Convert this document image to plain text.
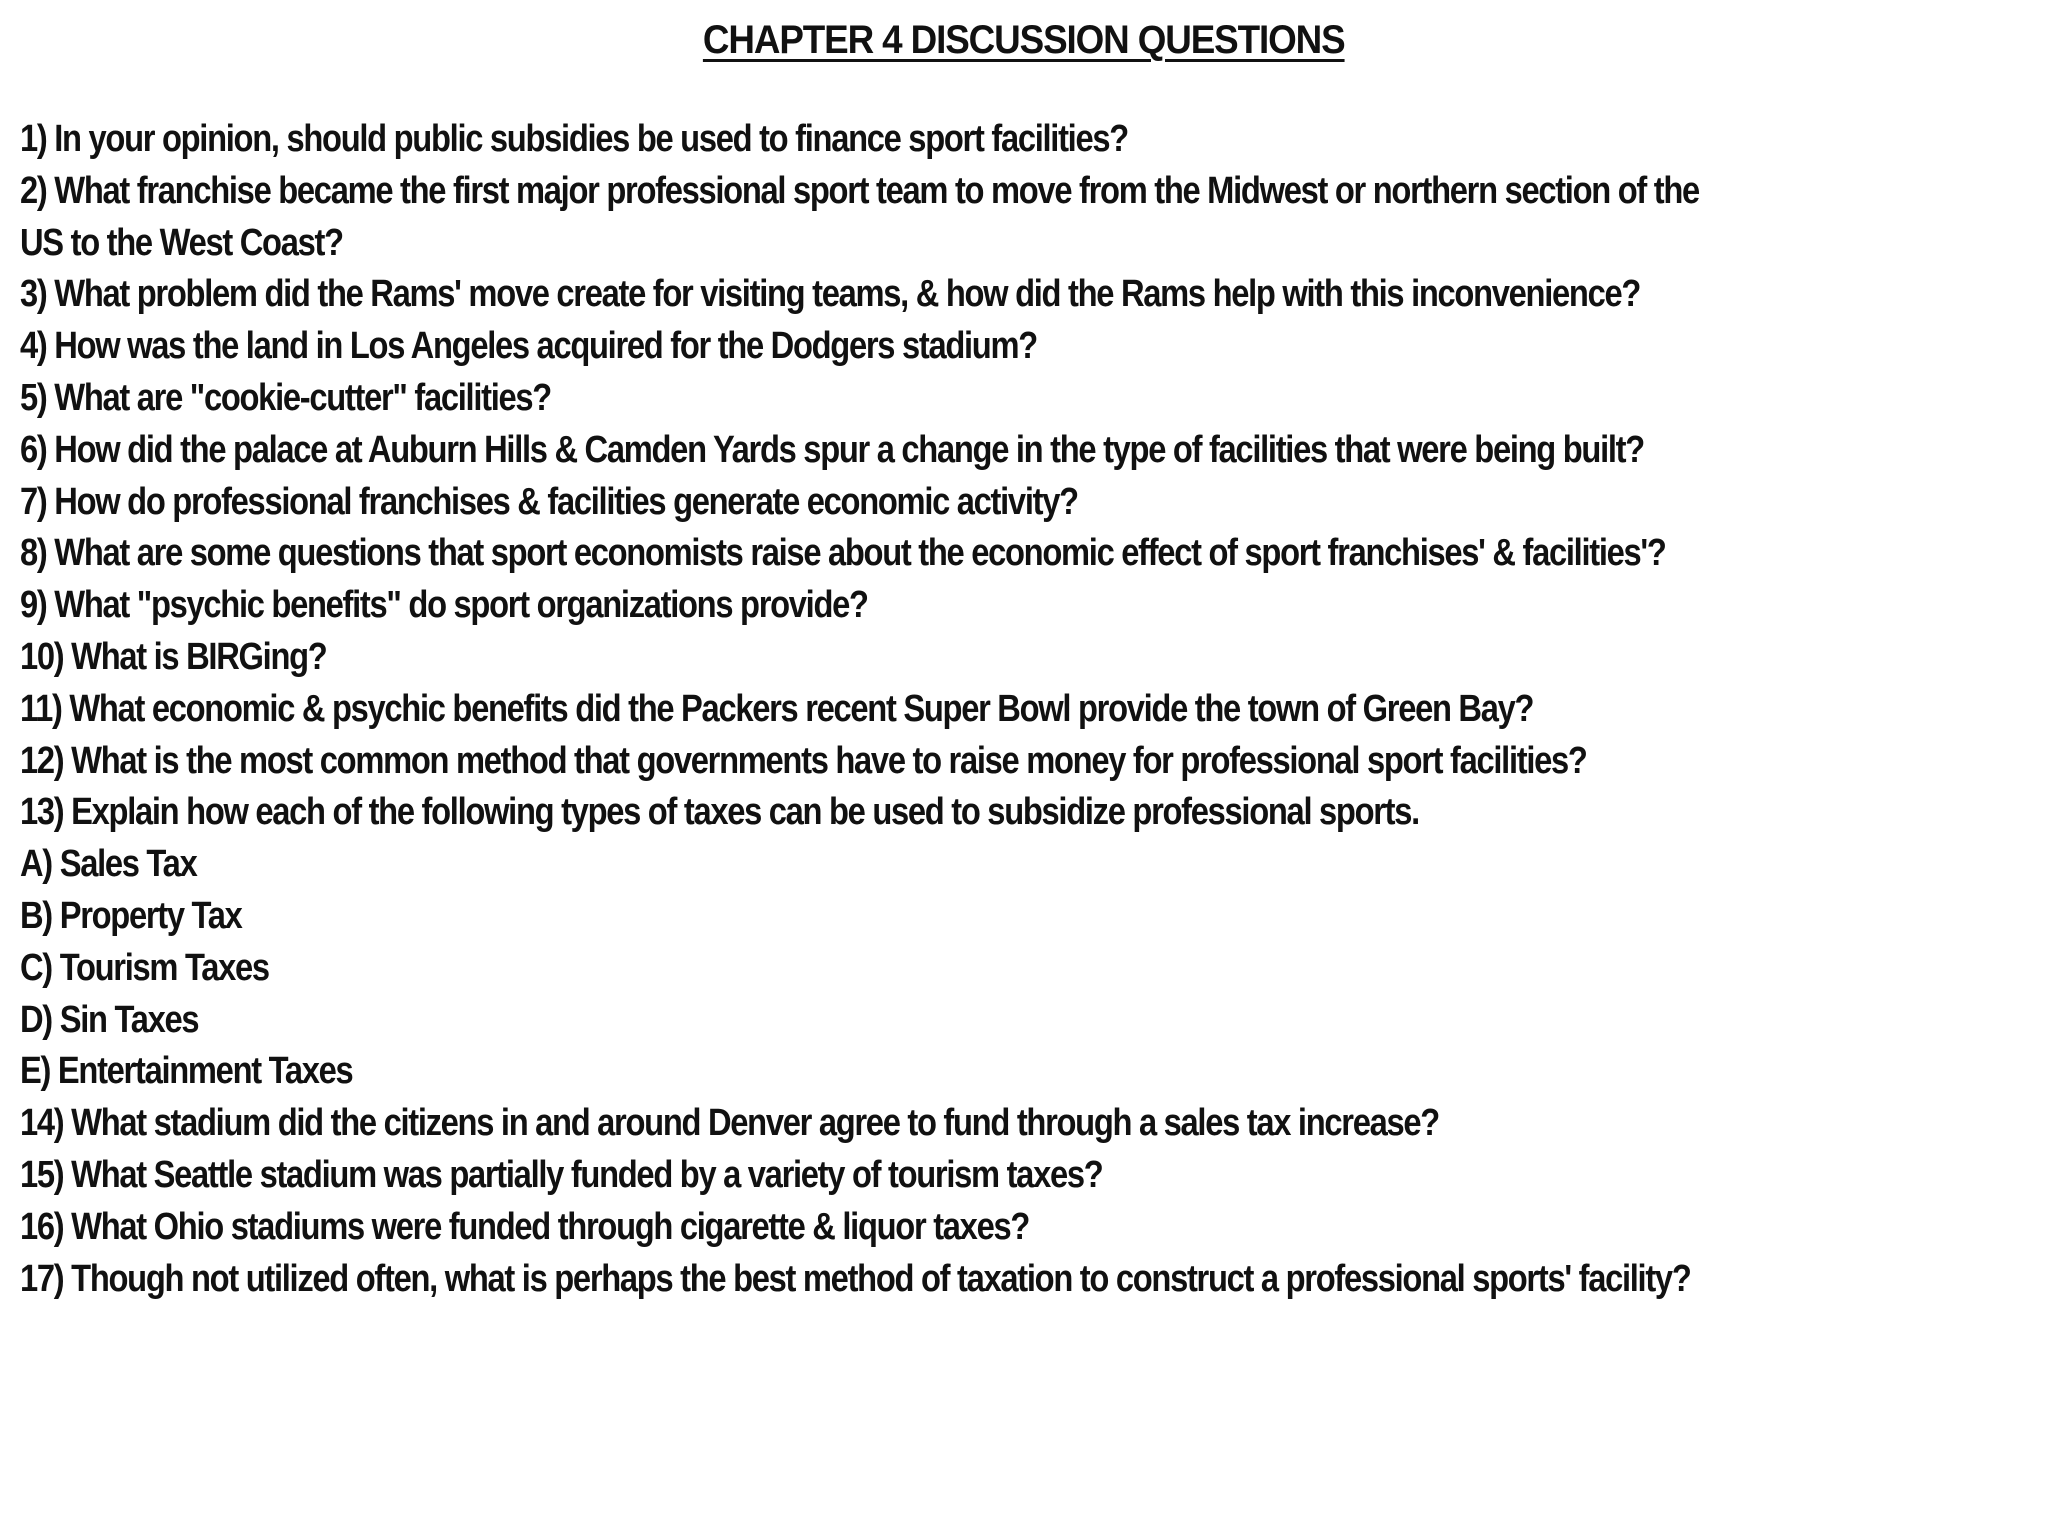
CHAPTER 4 DISCUSSION QUESTIONS
1) In your opinion, should public subsidies be used to finance sport facilities?
2) What franchise became the first major professional sport team to move from the Midwest or northern section of the
US to the West Coast?
3) What problem did the Rams' move create for visiting teams, & how did the Rams help with this inconvenience?
4) How was the land in Los Angeles acquired for the Dodgers stadium?
5) What are "cookie-cutter" facilities?
6) How did the palace at Auburn Hills & Camden Yards spur a change in the type of facilities that were being built?
7) How do professional franchises & facilities generate economic activity?
8) What are some questions that sport economists raise about the economic effect of sport franchises' & facilities'?
9) What "psychic benefits" do sport organizations provide?
10) What is BIRGing?
11) What economic & psychic benefits did the Packers recent Super Bowl provide the town of Green Bay?
12) What is the most common method that governments have to raise money for professional sport facilities?
13) Explain how each of the following types of taxes can be used to subsidize professional sports.
A) Sales Tax
B) Property Tax
C) Tourism Taxes
D) Sin Taxes
E) Entertainment Taxes
14) What stadium did the citizens in and around Denver agree to fund through a sales tax increase?
15) What Seattle stadium was partially funded by a variety of tourism taxes?
16) What Ohio stadiums were funded through cigarette & liquor taxes?
17) Though not utilized often, what is perhaps the best method of taxation to construct a professional sports' facility?
